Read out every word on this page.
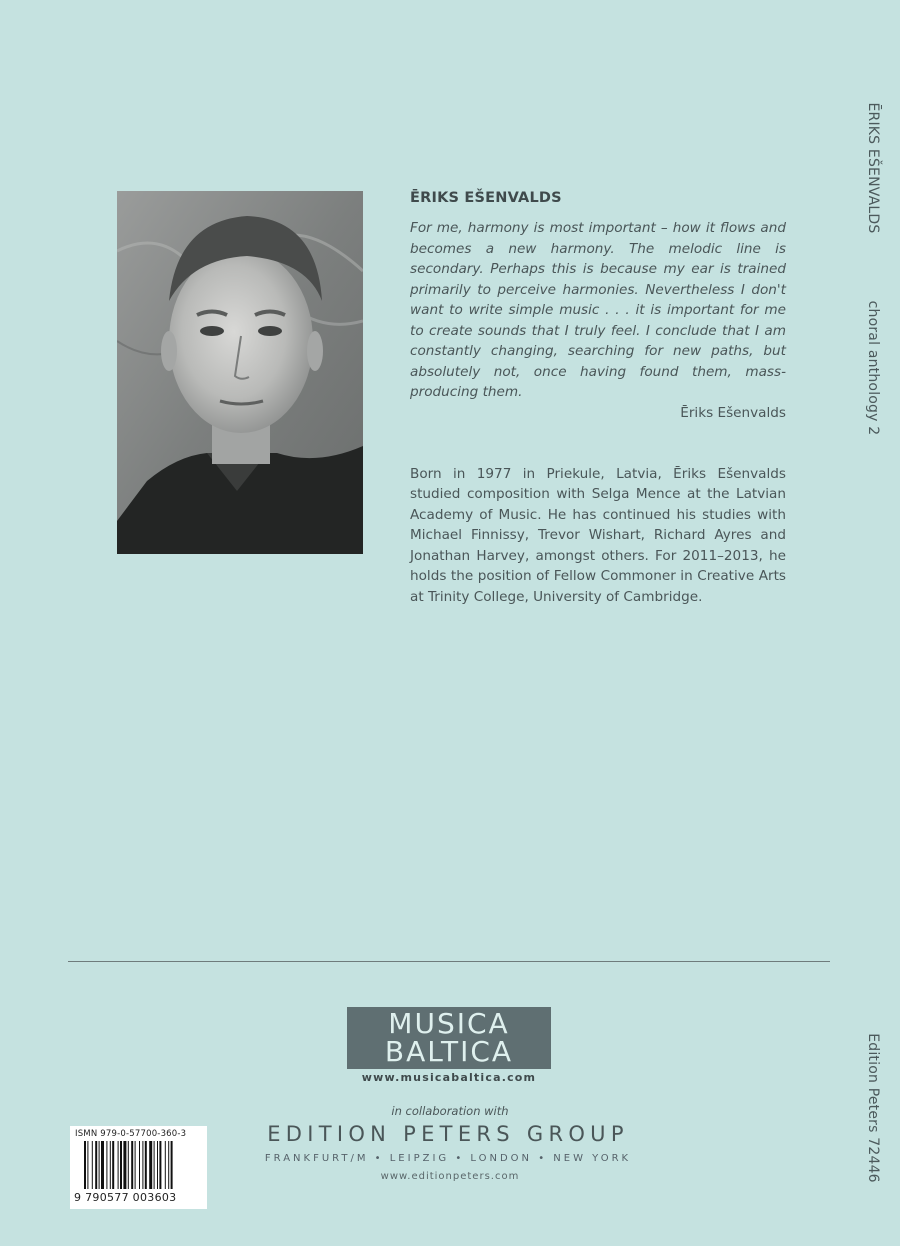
ĒRIKS EŠENVALDS
choral anthology 2
Edition Peters 72446
ĒRIKS EŠENVALDS

For me, harmony is most important – how it flows and becomes a new harmony. The melodic line is secondary. Perhaps this is because my ear is trained primarily to perceive harmonies. Nevertheless I don't want to write simple music . . . it is important for me to create sounds that I truly feel. I conclude that I am constantly changing, searching for new paths, but absolutely not, once having found them, mass-producing them.

Ēriks Ešenvalds
Born in 1977 in Priekule, Latvia, Ēriks Ešenvalds studied composition with Selga Mence at the Latvian Academy of Music. He has continued his studies with Michael Finnissy, Trevor Wishart, Richard Ayres and Jonathan Harvey, amongst others. For 2011–2013, he holds the position of Fellow Commoner in Creative Arts at Trinity College, University of Cambridge.
MUSICA
BALTICA
www.musicabaltica.com
in collaboration with
EDITION PETERS GROUP
FRANKFURT/M • LEIPZIG • LONDON • NEW YORK
www.editionpeters.com
ISMN 979-0-57700-360-3
9 790577 003603
